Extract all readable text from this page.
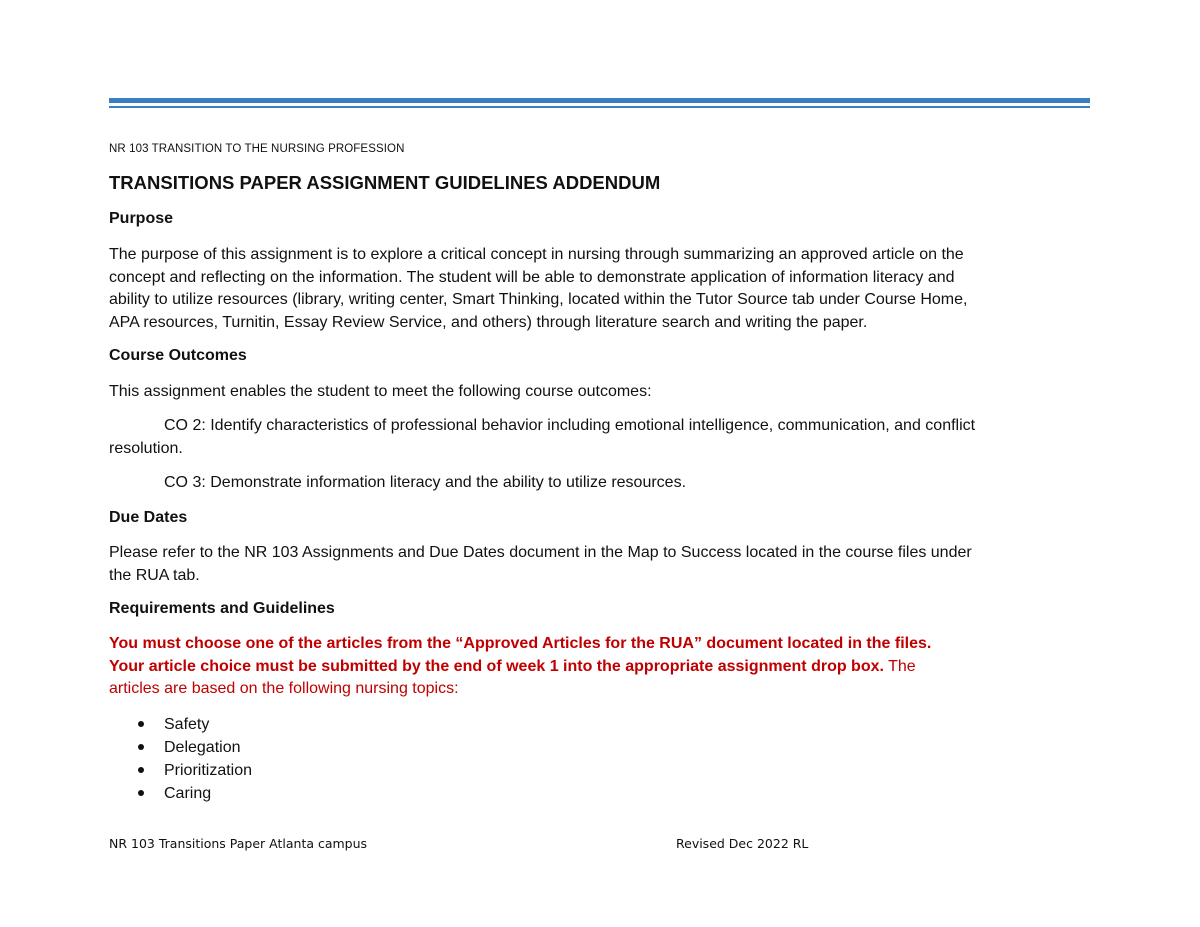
NR 103 TRANSITION TO THE NURSING PROFESSION
TRANSITIONS PAPER ASSIGNMENT GUIDELINES ADDENDUM
Purpose
The purpose of this assignment is to explore a critical concept in nursing through summarizing an approved article on the
concept and reflecting on the information. The student will be able to demonstrate application of information literacy and
ability to utilize resources (library, writing center, Smart Thinking, located within the Tutor Source tab under Course Home,
APA resources, Turnitin, Essay Review Service, and others) through literature search and writing the paper.
Course Outcomes
This assignment enables the student to meet the following course outcomes:
CO 2: Identify characteristics of professional behavior including emotional intelligence, communication, and conflict
resolution.
CO 3: Demonstrate information literacy and the ability to utilize resources.
Due Dates
Please refer to the NR 103 Assignments and Due Dates document in the Map to Success located in the course files under
the RUA tab.
Requirements and Guidelines
You must choose one of the articles from the “Approved Articles for the RUA” document located in the files.
Your article choice must be submitted by the end of week 1 into the appropriate assignment drop box. The
articles are based on the following nursing topics:
Safety
Delegation
Prioritization
Caring
NR 103 Transitions Paper Atlanta campus	Revised Dec 2022 RL
